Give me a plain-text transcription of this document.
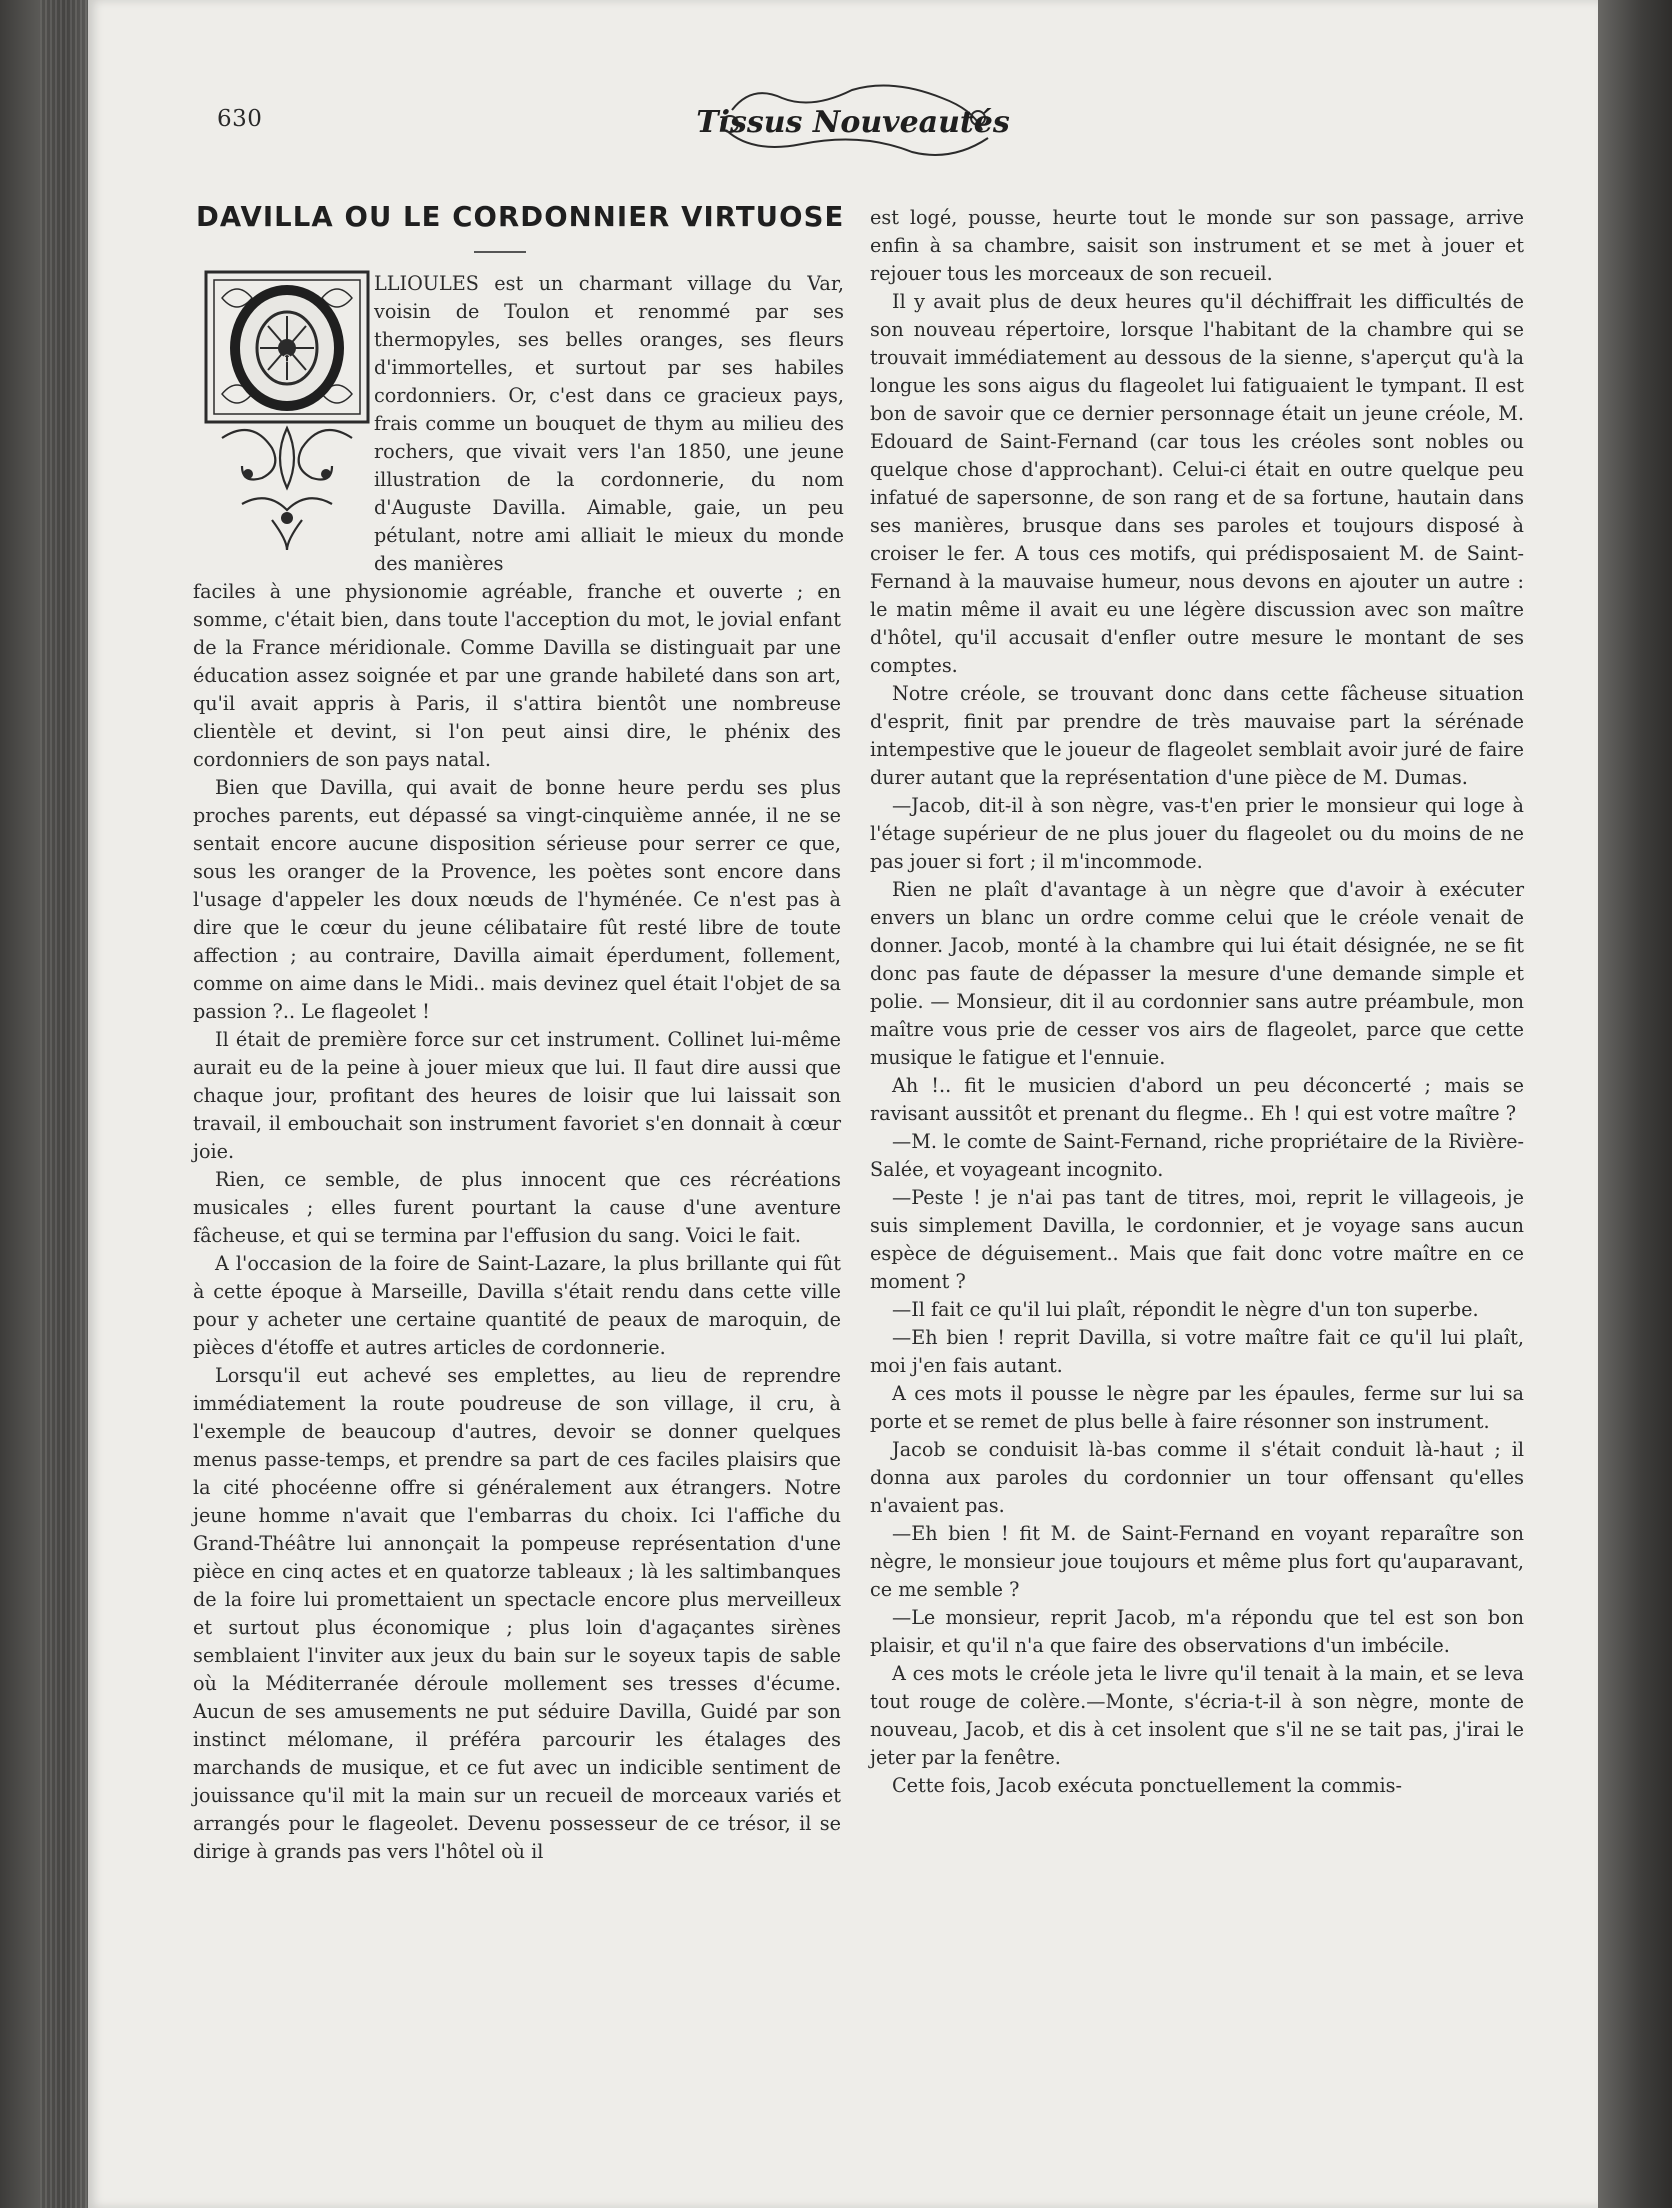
630	Tissus Nouveautés
DAVILLA OU LE CORDONNIER VIRTUOSE
O

LLIOULES est un charmant village du Var, voisin de Toulon et renommé par ses thermopyles, ses belles oranges, ses fleurs d'immortelles, et surtout par ses habiles cordonniers. Or, c'est dans ce gracieux pays, frais comme un bouquet de thym au milieu des rochers, que vivait vers l'an 1850, une jeune illustration de la cordonnerie, du nom d'Auguste Davilla. Aimable, gaie, un peu pétulant, notre ami alliait le mieux du monde des manières

faciles à une physionomie agréable, franche et ouverte ; en somme, c'était bien, dans toute l'acception du mot, le jovial enfant de la France méridionale. Comme Davilla se distinguait par une éducation assez soignée et par une grande habileté dans son art, qu'il avait appris à Paris, il s'attira bientôt une nombreuse clientèle et devint, si l'on peut ainsi dire, le phénix des cordonniers de son pays natal.

Bien que Davilla, qui avait de bonne heure perdu ses plus proches parents, eut dépassé sa vingt-cinquième année, il ne se sentait encore aucune disposition sérieuse pour serrer ce que, sous les oranger de la Provence, les poètes sont encore dans l'usage d'appeler les doux nœuds de l'hyménée. Ce n'est pas à dire que le cœur du jeune célibataire fût resté libre de toute affection ; au contraire, Davilla aimait éperdument, follement, comme on aime dans le Midi.. mais devinez quel était l'objet de sa passion ?.. Le flageolet !

Il était de première force sur cet instrument. Collinet lui-même aurait eu de la peine à jouer mieux que lui. Il faut dire aussi que chaque jour, profitant des heures de loisir que lui laissait son travail, il embouchait son instrument favoriet s'en donnait à cœur joie.

Rien, ce semble, de plus innocent que ces récréations musicales ; elles furent pourtant la cause d'une aventure fâcheuse, et qui se termina par l'effusion du sang. Voici le fait.

A l'occasion de la foire de Saint-Lazare, la plus brillante qui fût à cette époque à Marseille, Davilla s'était rendu dans cette ville pour y acheter une certaine quantité de peaux de maroquin, de pièces d'étoffe et autres articles de cordonnerie.

Lorsqu'il eut achevé ses emplettes, au lieu de reprendre immédiatement la route poudreuse de son village, il cru, à l'exemple de beaucoup d'autres, devoir se donner quelques menus passe-temps, et prendre sa part de ces faciles plaisirs que la cité phocéenne offre si généralement aux étrangers. Notre jeune homme n'avait que l'embarras du choix. Ici l'affiche du Grand-Théâtre lui annonçait la pompeuse représentation d'une pièce en cinq actes et en quatorze tableaux ; là les saltimbanques de la foire lui promettaient un spectacle encore plus merveilleux et surtout plus économique ; plus loin d'agaçantes sirènes semblaient l'inviter aux jeux du bain sur le soyeux tapis de sable où la Méditerranée déroule mollement ses tresses d'écume. Aucun de ses amusements ne put séduire Davilla, Guidé par son instinct mélomane, il préféra parcourir les étalages des marchands de musique, et ce fut avec un indicible sentiment de jouissance qu'il mit la main sur un recueil de morceaux variés et arrangés pour le flageolet. Devenu possesseur de ce trésor, il se dirige à grands pas vers l'hôtel où il

est logé, pousse, heurte tout le monde sur son passage, arrive enfin à sa chambre, saisit son instrument et se met à jouer et rejouer tous les morceaux de son recueil.

Il y avait plus de deux heures qu'il déchiffrait les difficultés de son nouveau répertoire, lorsque l'habitant de la chambre qui se trouvait immédiatement au dessous de la sienne, s'aperçut qu'à la longue les sons aigus du flageolet lui fatiguaient le tympant. Il est bon de savoir que ce dernier personnage était un jeune créole, M. Edouard de Saint-Fernand (car tous les créoles sont nobles ou quelque chose d'approchant). Celui-ci était en outre quelque peu infatué de sapersonne, de son rang et de sa fortune, hautain dans ses manières, brusque dans ses paroles et toujours disposé à croiser le fer. A tous ces motifs, qui prédisposaient M. de Saint-Fernand à la mauvaise humeur, nous devons en ajouter un autre : le matin même il avait eu une légère discussion avec son maître d'hôtel, qu'il accusait d'enfler outre mesure le montant de ses comptes.

Notre créole, se trouvant donc dans cette fâcheuse situation d'esprit, finit par prendre de très mauvaise part la sérénade intempestive que le joueur de flageolet semblait avoir juré de faire durer autant que la représentation d'une pièce de M. Dumas.

—Jacob, dit-il à son nègre, vas-t'en prier le monsieur qui loge à l'étage supérieur de ne plus jouer du flageolet ou du moins de ne pas jouer si fort ; il m'incommode.

Rien ne plaît d'avantage à un nègre que d'avoir à exécuter envers un blanc un ordre comme celui que le créole venait de donner. Jacob, monté à la chambre qui lui était désignée, ne se fit donc pas faute de dépasser la mesure d'une demande simple et polie. — Monsieur, dit il au cordonnier sans autre préambule, mon maître vous prie de cesser vos airs de flageolet, parce que cette musique le fatigue et l'ennuie.

Ah !.. fit le musicien d'abord un peu déconcerté ; mais se ravisant aussitôt et prenant du flegme.. Eh ! qui est votre maître ?

—M. le comte de Saint-Fernand, riche propriétaire de la Rivière-Salée, et voyageant incognito.

—Peste ! je n'ai pas tant de titres, moi, reprit le villageois, je suis simplement Davilla, le cordonnier, et je voyage sans aucun espèce de déguisement.. Mais que fait donc votre maître en ce moment ?

—Il fait ce qu'il lui plaît, répondit le nègre d'un ton superbe.

—Eh bien ! reprit Davilla, si votre maître fait ce qu'il lui plaît, moi j'en fais autant.

A ces mots il pousse le nègre par les épaules, ferme sur lui sa porte et se remet de plus belle à faire résonner son instrument.

Jacob se conduisit là-bas comme il s'était conduit là-haut ; il donna aux paroles du cordonnier un tour offensant qu'elles n'avaient pas.

—Eh bien ! fit M. de Saint-Fernand en voyant reparaître son nègre, le monsieur joue toujours et même plus fort qu'auparavant, ce me semble ?

—Le monsieur, reprit Jacob, m'a répondu que tel est son bon plaisir, et qu'il n'a que faire des observations d'un imbécile.

A ces mots le créole jeta le livre qu'il tenait à la main, et se leva tout rouge de colère.—Monte, s'écria-t-il à son nègre, monte de nouveau, Jacob, et dis à cet insolent que s'il ne se tait pas, j'irai le jeter par la fenêtre.

Cette fois, Jacob exécuta ponctuellement la commis-
